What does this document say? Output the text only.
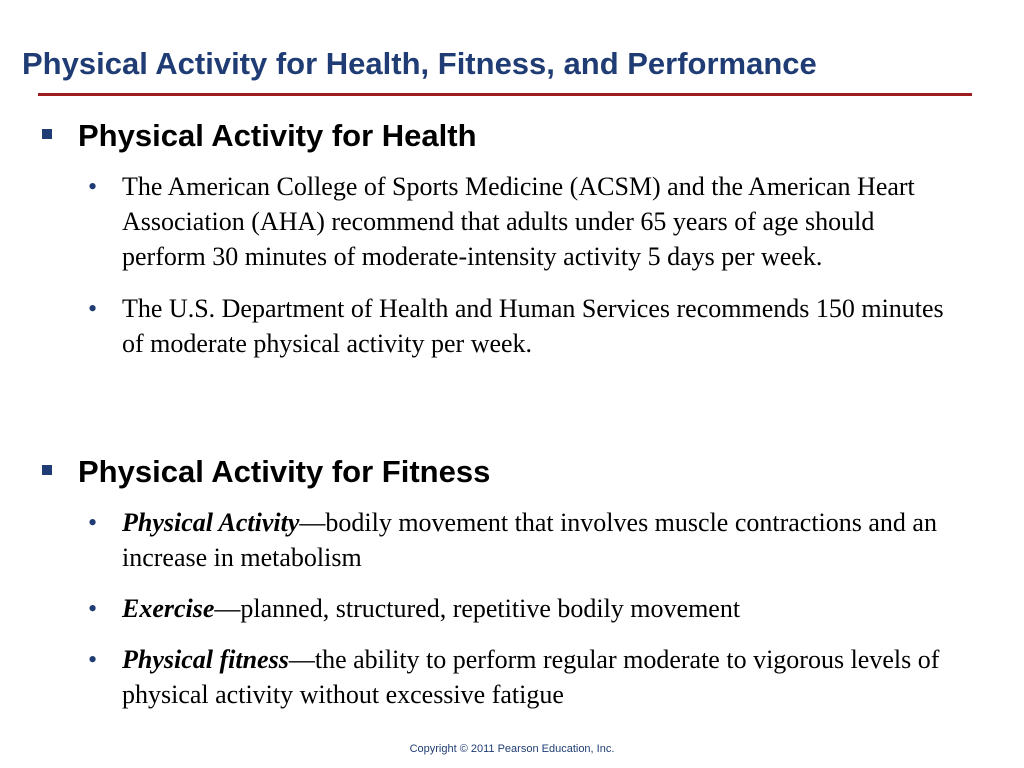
Physical Activity for Health, Fitness, and Performance
Physical Activity for Health
• The American College of Sports Medicine (ACSM) and the American Heart Association (AHA) recommend that adults under 65 years of age should perform 30 minutes of moderate-intensity activity 5 days per week.
• The U.S. Department of Health and Human Services recommends 150 minutes of moderate physical activity per week.
Physical Activity for Fitness
• Physical Activity—bodily movement that involves muscle contractions and an increase in metabolism
• Exercise—planned, structured, repetitive bodily movement
• Physical fitness—the ability to perform regular moderate to vigorous levels of physical activity without excessive fatigue
Copyright © 2011 Pearson Education, Inc.
